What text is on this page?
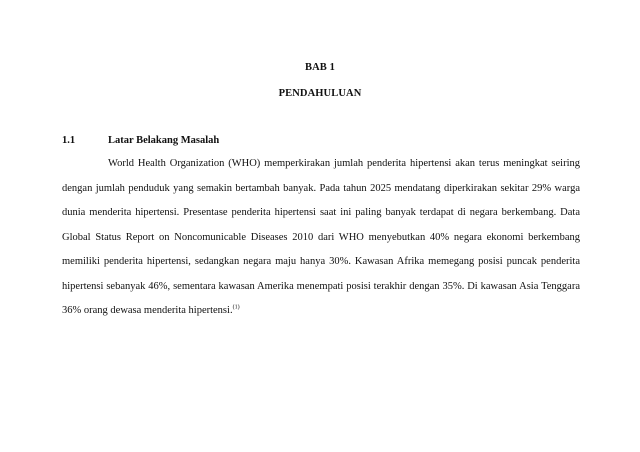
BAB 1
PENDAHULUAN
1.1	Latar Belakang Masalah

World Health Organization (WHO) memperkirakan jumlah penderita hipertensi akan terus meningkat seiring dengan jumlah penduduk yang semakin bertambah banyak. Pada tahun 2025 mendatang diperkirakan sekitar 29% warga dunia menderita hipertensi. Presentase penderita hipertensi saat ini paling banyak terdapat di negara berkembang. Data Global Status Report on Noncomunicable Diseases 2010 dari WHO menyebutkan 40% negara ekonomi berkembang memiliki penderita hipertensi, sedangkan negara maju hanya 30%. Kawasan Afrika memegang posisi puncak penderita hipertensi sebanyak 46%, sementara kawasan Amerika menempati posisi terakhir dengan 35%. Di kawasan Asia Tenggara 36% orang dewasa menderita hipertensi.$^{(1)}$
